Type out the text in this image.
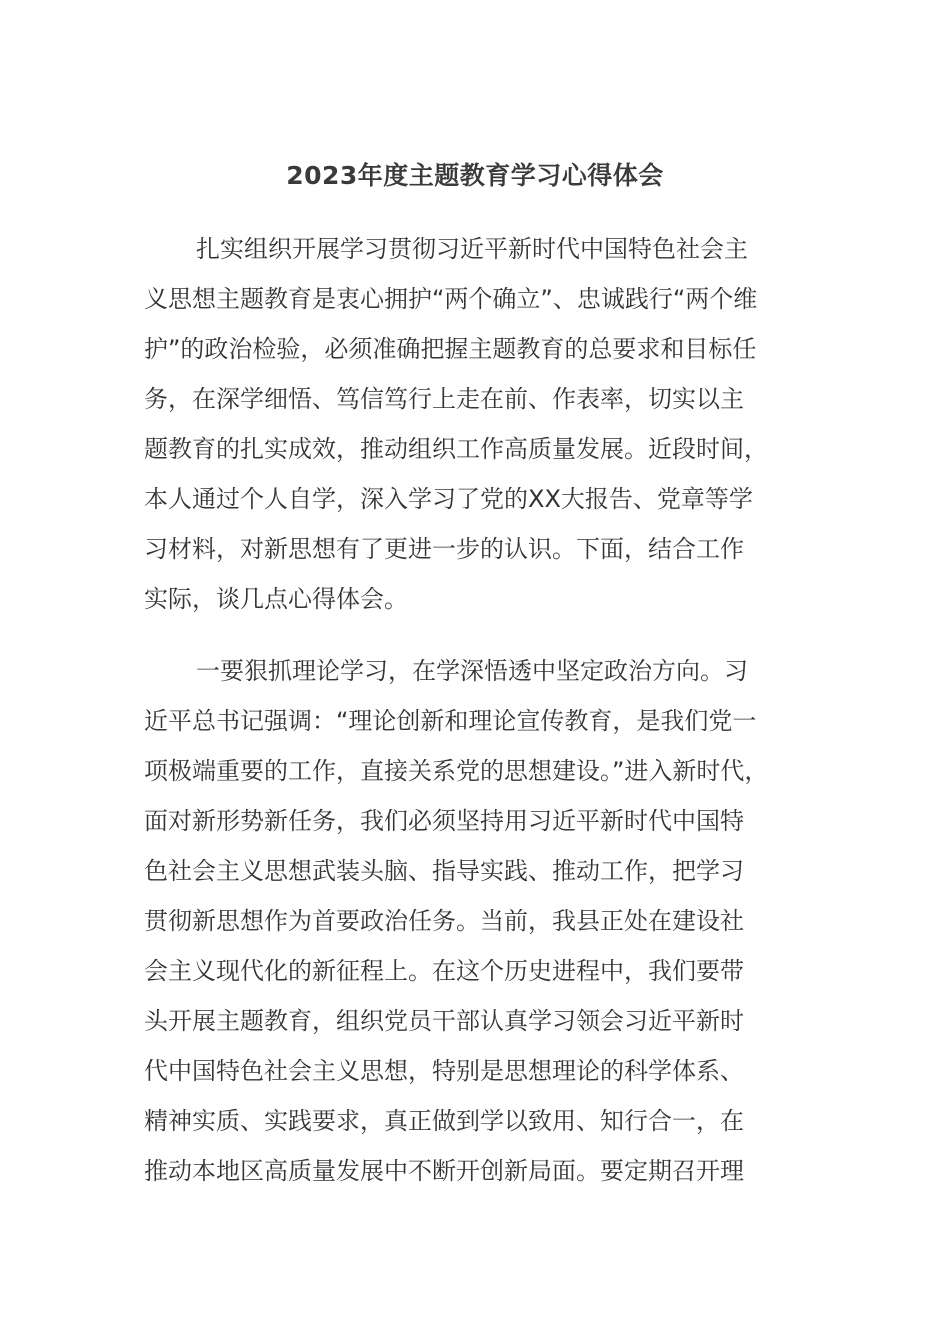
2023年度主题教育学习心得体会
扎实组织开展学习贯彻习近平新时代中国特色社会主
义思想主题教育是衷心拥护“两个确立”、忠诚践行“两个维
护”的政治检验，必须准确把握主题教育的总要求和目标任
务，在深学细悟、笃信笃行上走在前、作表率，切实以主
题教育的扎实成效，推动组织工作高质量发展。近段时间，
本人通过个人自学，深入学习了党的XX大报告、党章等学
习材料，对新思想有了更进一步的认识。下面，结合工作
实际，谈几点心得体会。
一要狠抓理论学习，在学深悟透中坚定政治方向。习
近平总书记强调：“理论创新和理论宣传教育，是我们党一
项极端重要的工作，直接关系党的思想建设。”进入新时代，
面对新形势新任务，我们必须坚持用习近平新时代中国特
色社会主义思想武装头脑、指导实践、推动工作，把学习
贯彻新思想作为首要政治任务。当前，我县正处在建设社
会主义现代化的新征程上。在这个历史进程中，我们要带
头开展主题教育，组织党员干部认真学习领会习近平新时
代中国特色社会主义思想，特别是思想理论的科学体系、
精神实质、实践要求，真正做到学以致用、知行合一，在
推动本地区高质量发展中不断开创新局面。要定期召开理
